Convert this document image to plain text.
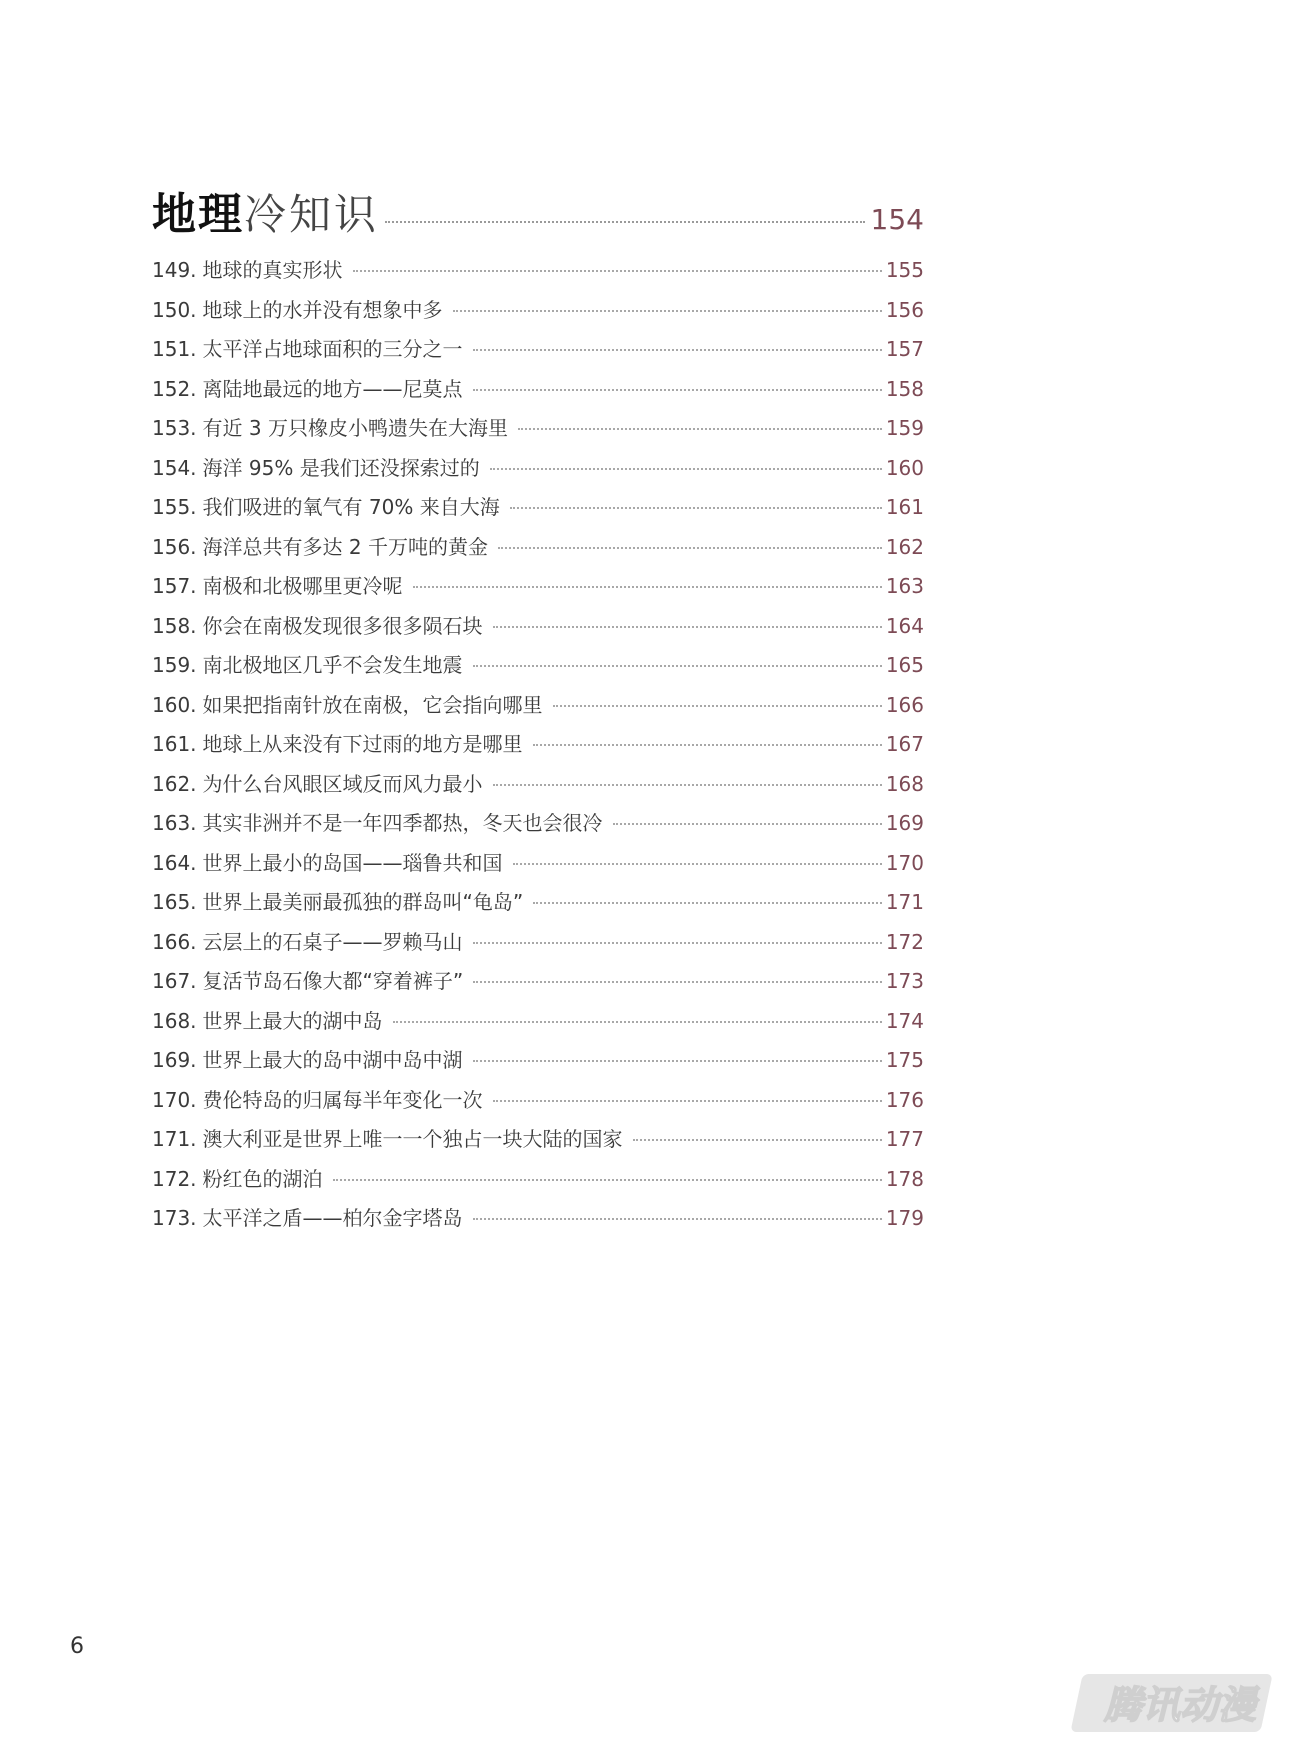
地理 冷知识	154
149. 地球的真实形状	155
150. 地球上的水并没有想象中多	156
151. 太平洋占地球面积的三分之一	157
152. 离陆地最远的地方——尼莫点	158
153. 有近 3 万只橡皮小鸭遗失在大海里	159
154. 海洋 95% 是我们还没探索过的	160
155. 我们吸进的氧气有 70% 来自大海	161
156. 海洋总共有多达 2 千万吨的黄金	162
157. 南极和北极哪里更冷呢	163
158. 你会在南极发现很多很多陨石块	164
159. 南北极地区几乎不会发生地震	165
160. 如果把指南针放在南极，它会指向哪里	166
161. 地球上从来没有下过雨的地方是哪里	167
162. 为什么台风眼区域反而风力最小	168
163. 其实非洲并不是一年四季都热，冬天也会很冷	169
164. 世界上最小的岛国——瑙鲁共和国	170
165. 世界上最美丽最孤独的群岛叫“龟岛”	171
166. 云层上的石桌子——罗赖马山	172
167. 复活节岛石像大都“穿着裤子”	173
168. 世界上最大的湖中岛	174
169. 世界上最大的岛中湖中岛中湖	175
170. 费伦特岛的归属每半年变化一次	176
171. 澳大利亚是世界上唯一一个独占一块大陆的国家	177
172. 粉红色的湖泊	178
173. 太平洋之盾——柏尔金字塔岛	179
6
腾讯动漫
